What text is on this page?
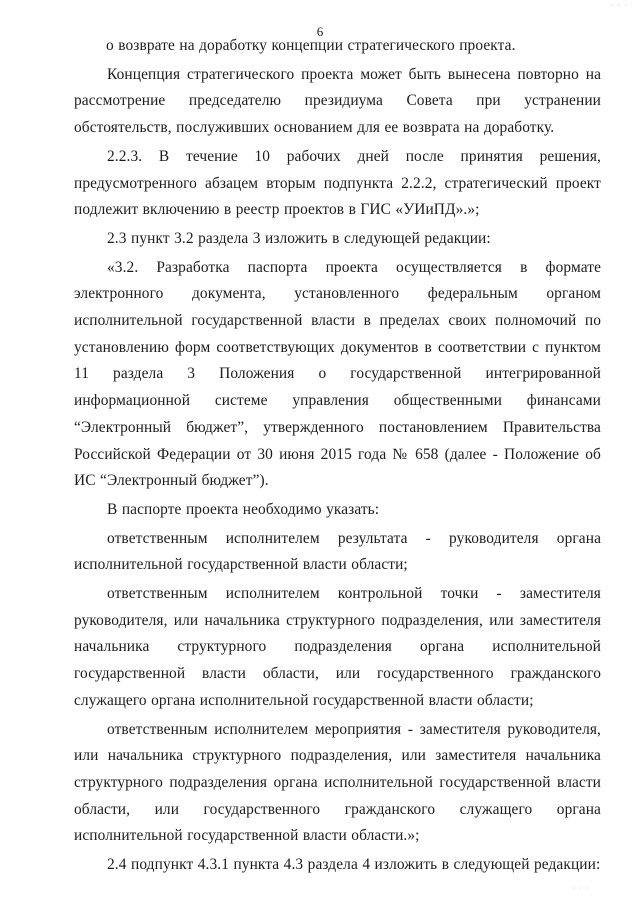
· · ·
6

о возврате на доработку концепции стратегического проекта.

Концепция стратегического проекта может быть вынесена повторно на рассмотрение председателю президиума Совета при устранении обстоятельств, послуживших основанием для ее возврата на доработку.

2.2.3. В течение 10 рабочих дней после принятия решения, предусмотренного абзацем вторым подпункта 2.2.2, стратегический проект подлежит включению в реестр проектов в ГИС «УИиПД».»;

2.3 пункт 3.2 раздела 3 изложить в следующей редакции:

«3.2. Разработка паспорта проекта осуществляется в формате электронного документа, установленного федеральным органом исполнительной государственной власти в пределах своих полномочий по установлению форм соответствующих документов в соответствии с пунктом 11 раздела 3 Положения о государственной интегрированной информационной системе управления общественными финансами “Электронный бюджет”, утвержденного постановлением Правительства Российской Федерации от 30 июня 2015 года № 658 (далее - Положение об ИС “Электронный бюджет”).

В паспорте проекта необходимо указать:

ответственным исполнителем результата - руководителя органа исполнительной государственной власти области;

ответственным исполнителем контрольной точки - заместителя руководителя, или начальника структурного подразделения, или заместителя начальника структурного подразделения органа исполнительной государственной власти области, или государственного гражданского служащего органа исполнительной государственной власти области;

ответственным исполнителем мероприятия - заместителя руководителя, или начальника структурного подразделения, или заместителя начальника структурного подразделения органа исполнительной государственной власти области, или государственного гражданского служащего органа исполнительной государственной власти области.»;

2.4 подпункт 4.3.1 пункта 4.3 раздела 4 изложить в следующей редакции:

· ···
